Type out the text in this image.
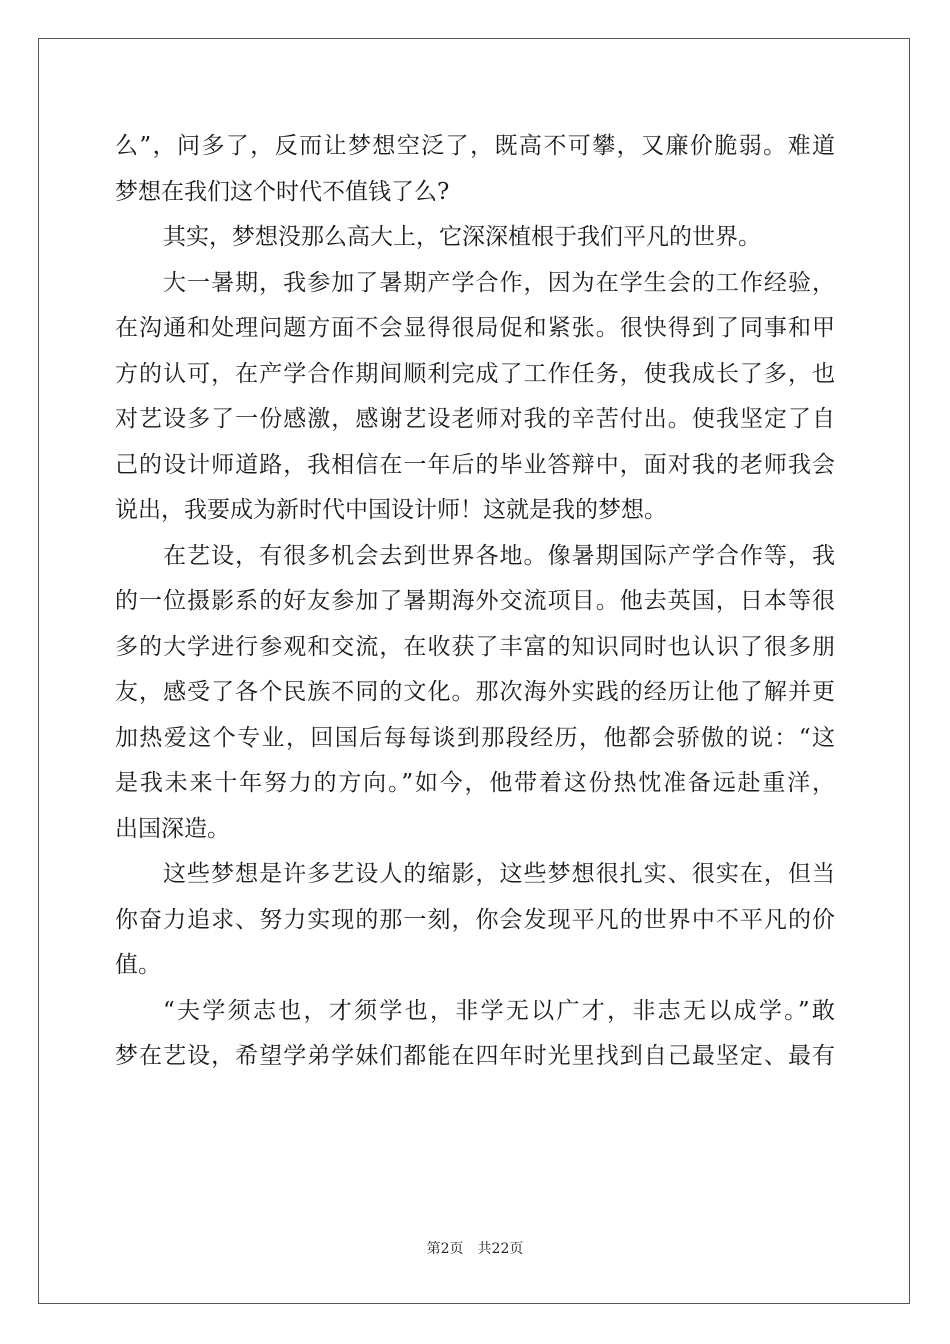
么”，问多了，反而让梦想空泛了，既高不可攀，又廉价脆弱。难道
梦想在我们这个时代不值钱了么?
其实，梦想没那么高大上，它深深植根于我们平凡的世界。
大一暑期，我参加了暑期产学合作，因为在学生会的工作经验，
在沟通和处理问题方面不会显得很局促和紧张。很快得到了同事和甲
方的认可，在产学合作期间顺利完成了工作任务，使我成长了多，也
对艺设多了一份感激，感谢艺设老师对我的辛苦付出。使我坚定了自
己的设计师道路，我相信在一年后的毕业答辩中，面对我的老师我会
说出，我要成为新时代中国设计师！这就是我的梦想。
在艺设，有很多机会去到世界各地。像暑期国际产学合作等，我
的一位摄影系的好友参加了暑期海外交流项目。他去英国，日本等很
多的大学进行参观和交流，在收获了丰富的知识同时也认识了很多朋
友，感受了各个民族不同的文化。那次海外实践的经历让他了解并更
加热爱这个专业，回国后每每谈到那段经历，他都会骄傲的说：“这
是我未来十年努力的方向。”如今，他带着这份热忱准备远赴重洋，
出国深造。
这些梦想是许多艺设人的缩影，这些梦想很扎实、很实在，但当
你奋力追求、努力实现的那一刻，你会发现平凡的世界中不平凡的价
值。
“夫学须志也，才须学也，非学无以广才，非志无以成学。”敢
梦在艺设，希望学弟学妹们都能在四年时光里找到自己最坚定、最有
第2页 共22页
